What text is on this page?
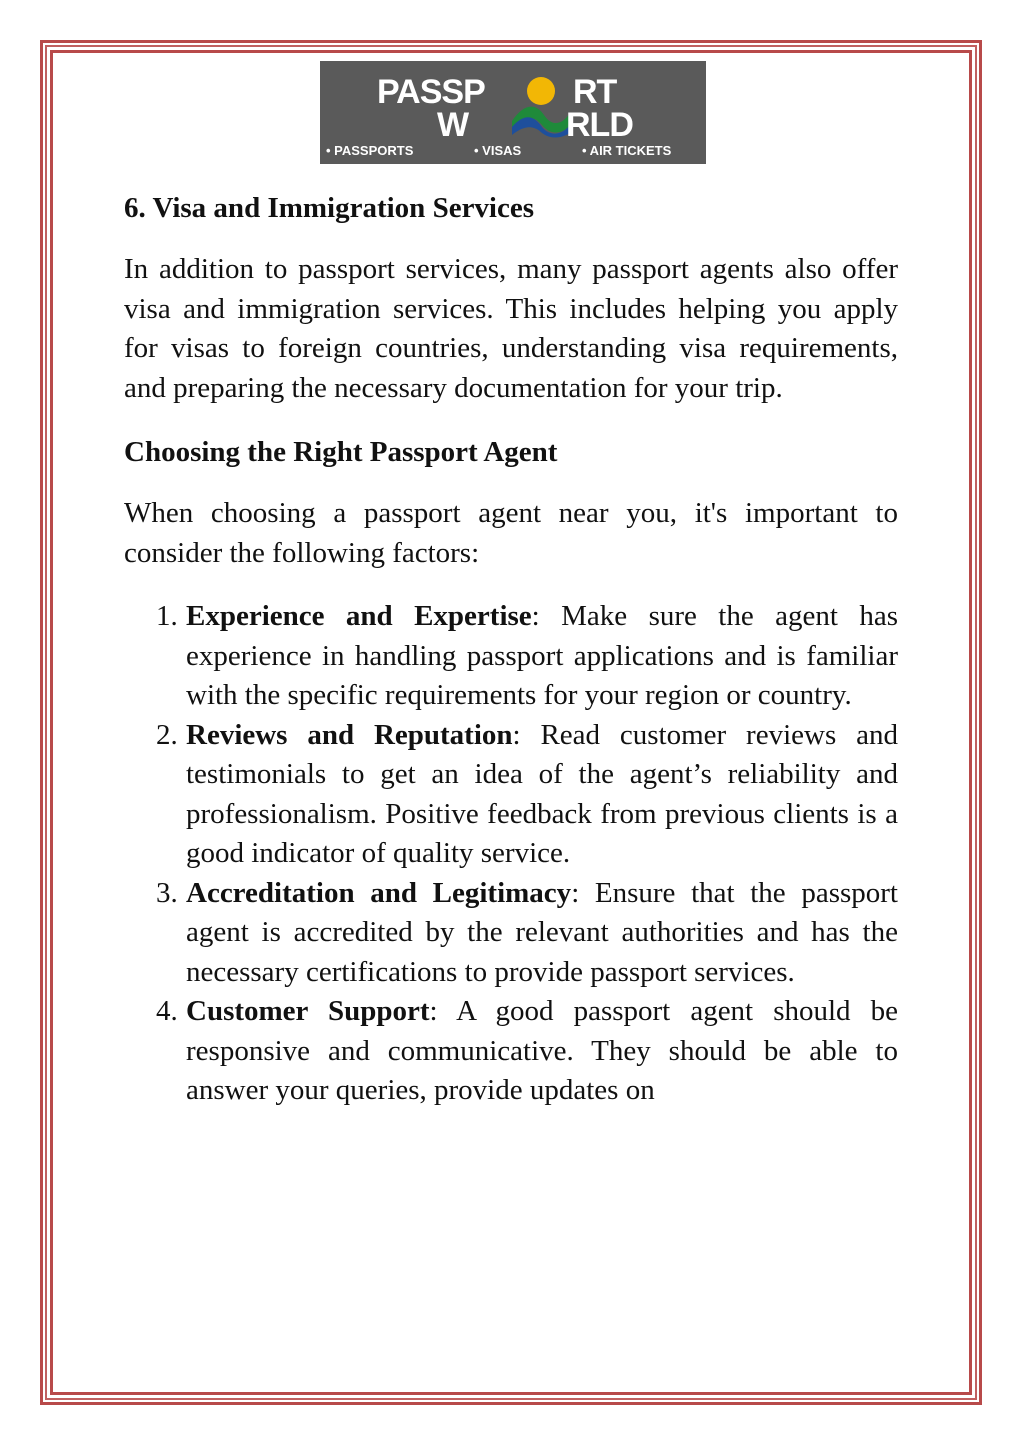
PASSP	RT
W	RLD
• PASSPORTS	• VISAS	• AIR TICKETS
6. Visa and Immigration Services

In addition to passport services, many passport agents also offer visa and immigration services. This includes helping you apply for visas to foreign countries, understanding visa requirements, and preparing the necessary documentation for your trip.

Choosing the Right Passport Agent

When choosing a passport agent near you, it's important to consider the following factors:

1. Experience and Expertise: Make sure the agent has experience in handling passport applications and is familiar with the specific requirements for your region or country.
2. Reviews and Reputation: Read customer reviews and testimonials to get an idea of the agent’s reliability and professionalism. Positive feedback from previous clients is a good indicator of quality service.
3. Accreditation and Legitimacy: Ensure that the passport agent is accredited by the relevant authorities and has the necessary certifications to provide passport services.
4. Customer Support: A good passport agent should be responsive and communicative. They should be able to answer your queries, provide updates on
